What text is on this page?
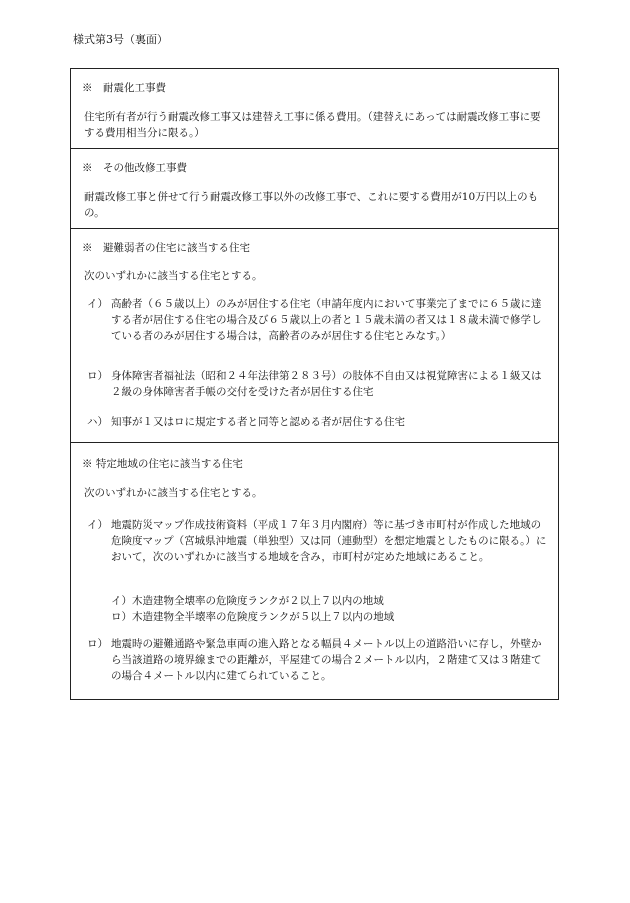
様式第3号（裏面）
※　耐震化工事費
住宅所有者が行う耐震改修工事又は建替え工事に係る費用。（建替えにあっては耐震改修工事に要する費用相当分に限る。）
※　その他改修工事費
耐震改修工事と併せて行う耐震改修工事以外の改修工事で、これに要する費用が10万円以上のもの。
※　避難弱者の住宅に該当する住宅
次のいずれかに該当する住宅とする。
イ） 高齢者（６５歳以上）のみが居住する住宅（申請年度内において事業完了までに６５歳に達する者が居住する住宅の場合及び６５歳以上の者と１５歳未満の者又は１８歳未満で修学している者のみが居住する場合は，高齢者のみが居住する住宅とみなす。）
ロ） 身体障害者福祉法（昭和２４年法律第２８３号）の肢体不自由又は視覚障害による１級又は２級の身体障害者手帳の交付を受けた者が居住する住宅
ハ） 知事が１又はロに規定する者と同等と認める者が居住する住宅
※ 特定地域の住宅に該当する住宅
次のいずれかに該当する住宅とする。
イ） 地震防災マップ作成技術資料（平成１７年３月内閣府）等に基づき市町村が作成した地域の危険度マップ（宮城県沖地震（単独型）又は同（連動型）を想定地震としたものに限る。）において，次のいずれかに該当する地域を含み，市町村が定めた地域にあること。
イ）木造建物全壊率の危険度ランクが２以上７以内の地域
ロ）木造建物全半壊率の危険度ランクが５以上７以内の地域
ロ） 地震時の避難通路や緊急車両の進入路となる幅員４メートル以上の道路沿いに存し，外壁から当該道路の境界線までの距離が，平屋建ての場合２メートル以内，２階建て又は３階建ての場合４メートル以内に建てられていること。
